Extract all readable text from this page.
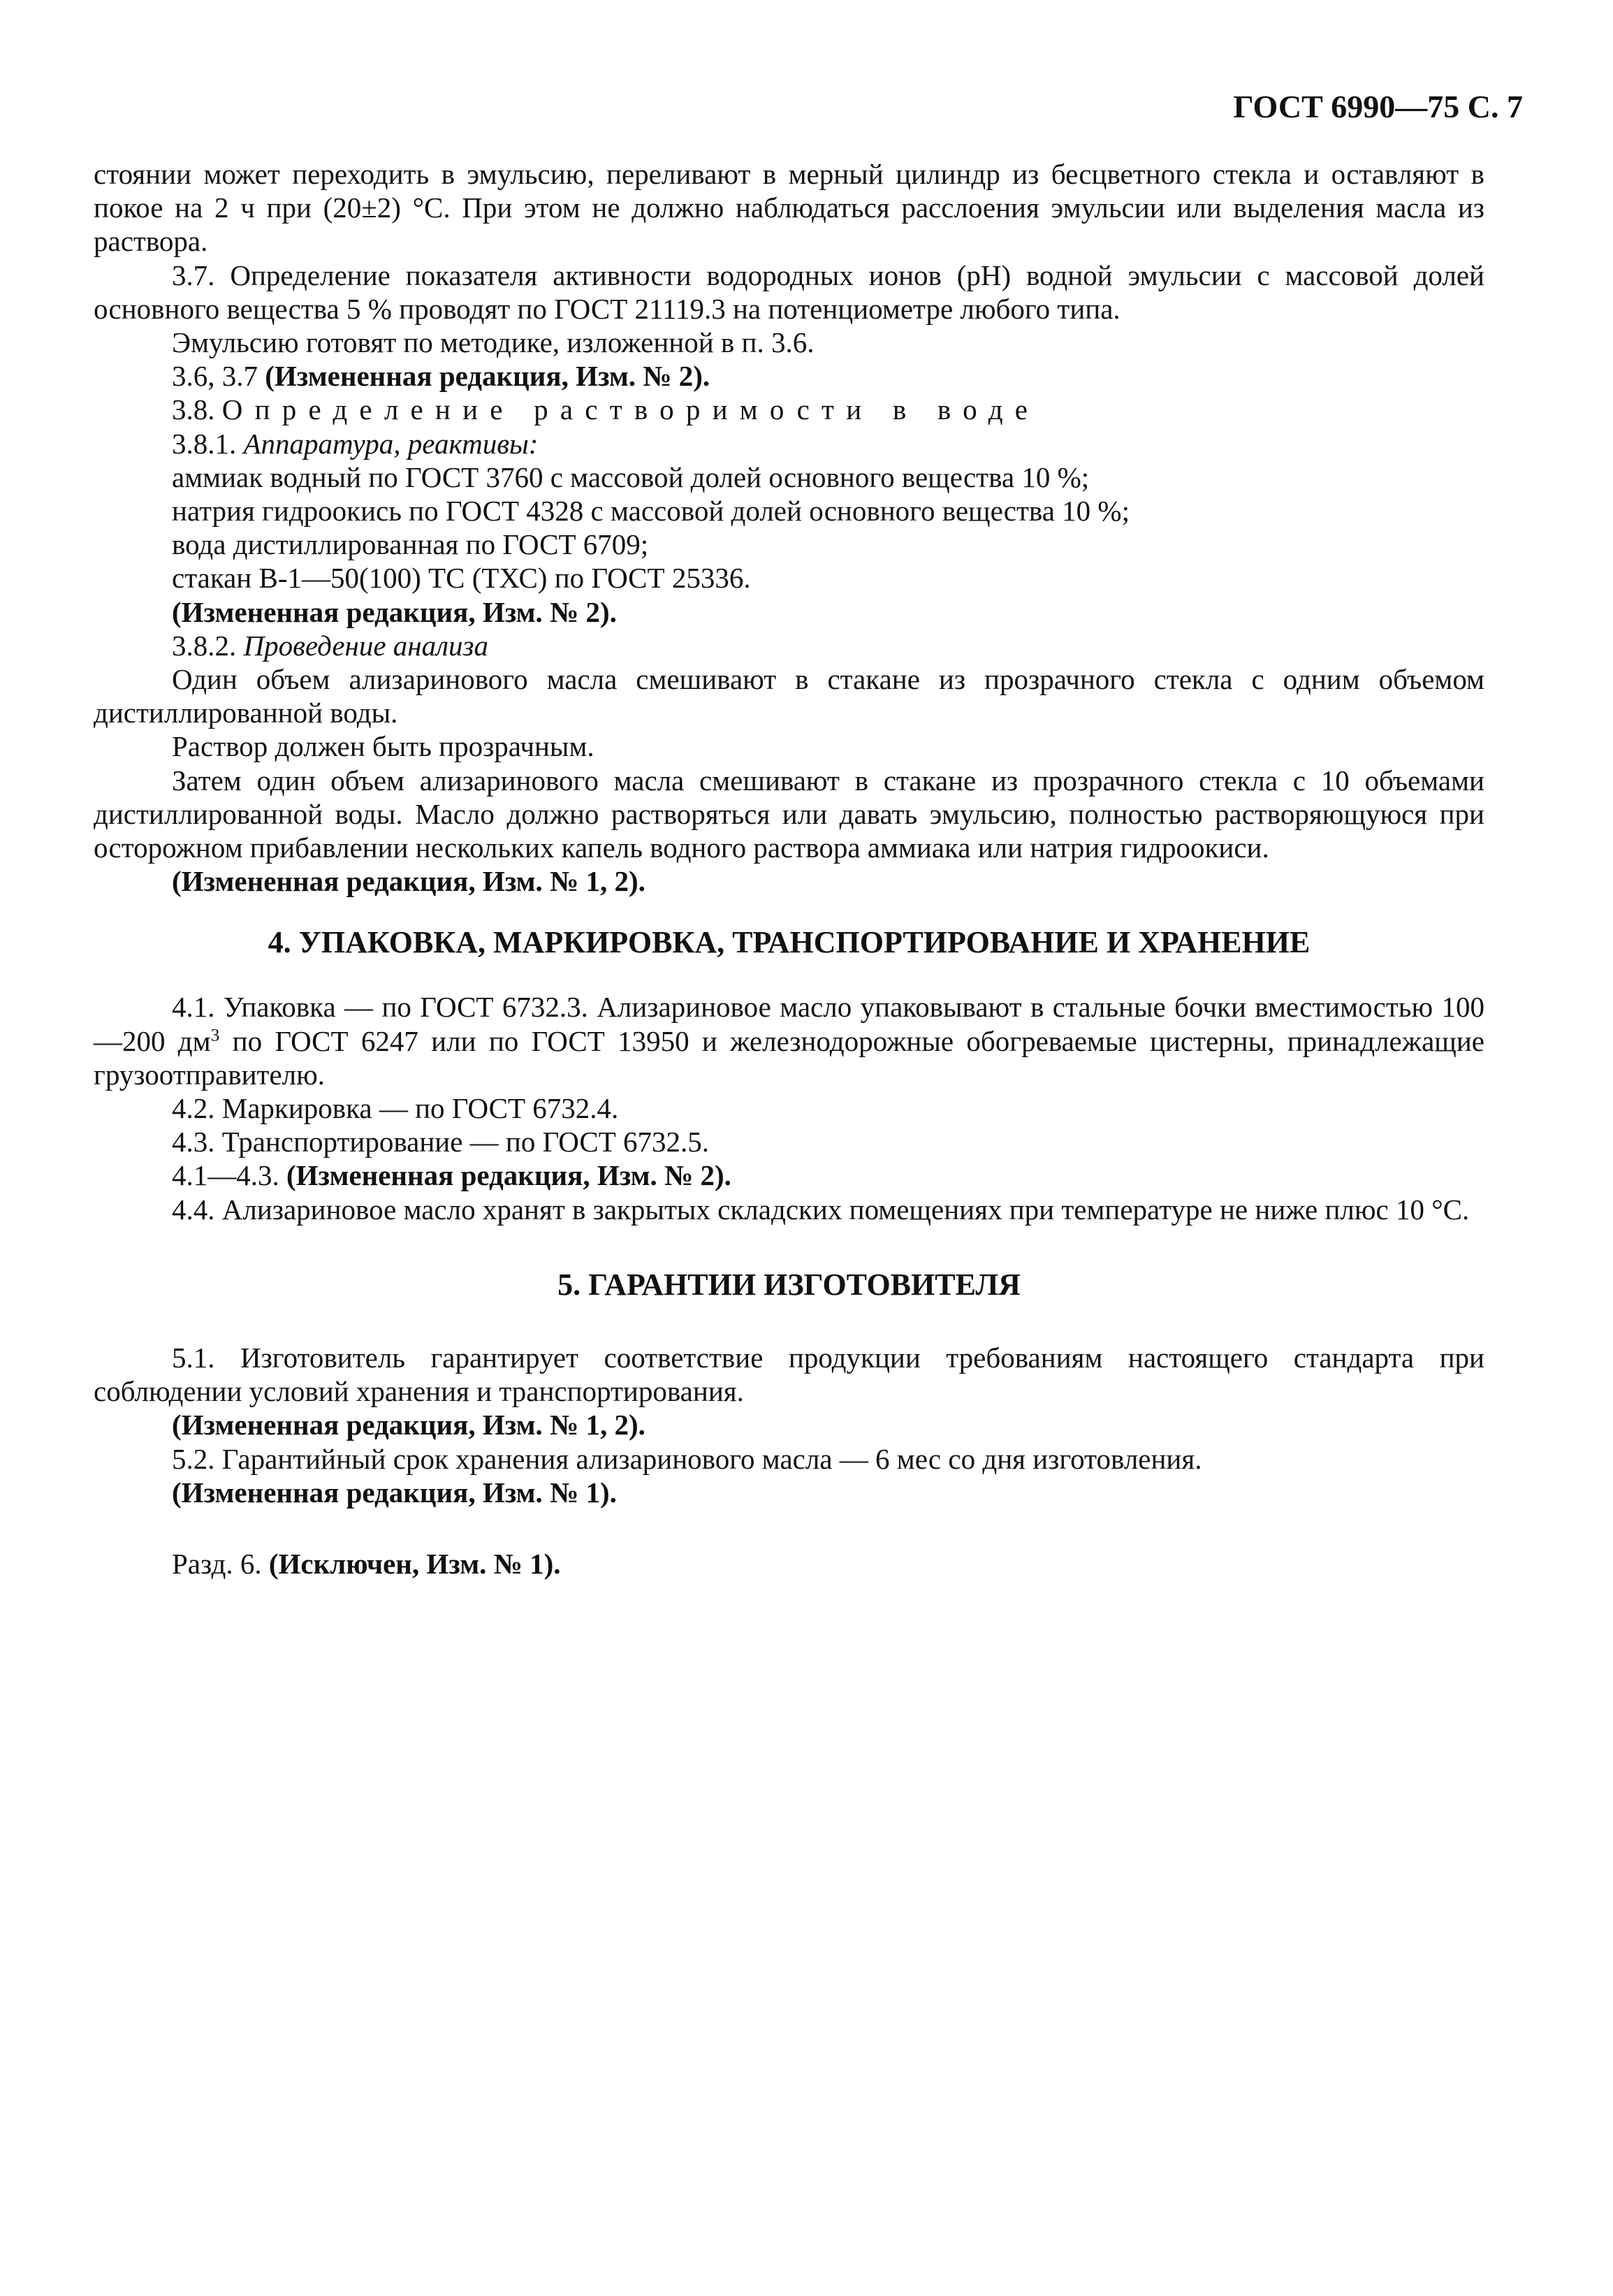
ГОСТ 6990—75 С. 7

стоянии может переходить в эмульсию, переливают в мерный цилиндр из бесцветного стекла и оставляют в покое на 2 ч при (20±2) °С. При этом не должно наблюдаться расслоения эмульсии или выделения масла из раствора.

3.7. Определение показателя активности водородных ионов (pH) водной эмульсии с массовой долей основного вещества 5 % проводят по ГОСТ 21119.3 на потенциометре любого типа.

Эмульсию готовят по методике, изложенной в п. 3.6.

3.6, 3.7 (Измененная редакция, Изм. № 2).

3.8. Определение растворимости в воде

3.8.1. Аппаратура, реактивы:

аммиак водный по ГОСТ 3760 с массовой долей основного вещества 10 %;

натрия гидроокись по ГОСТ 4328 с массовой долей основного вещества 10 %;

вода дистиллированная по ГОСТ 6709;

стакан В-1—50(100) ТС (ТХС) по ГОСТ 25336.

(Измененная редакция, Изм. № 2).

3.8.2. Проведение анализа

Один объем ализаринового масла смешивают в стакане из прозрачного стекла с одним объемом дистиллированной воды.

Раствор должен быть прозрачным.

Затем один объем ализаринового масла смешивают в стакане из прозрачного стекла с 10 объемами дистиллированной воды. Масло должно растворяться или давать эмульсию, полностью растворяющуюся при осторожном прибавлении нескольких капель водного раствора аммиака или натрия гидроокиси.

(Измененная редакция, Изм. № 1, 2).

4. УПАКОВКА, МАРКИРОВКА, ТРАНСПОРТИРОВАНИЕ И ХРАНЕНИЕ

4.1. Упаковка — по ГОСТ 6732.3. Ализариновое масло упаковывают в стальные бочки вместимостью 100—200 $дм^3$ по ГОСТ 6247 или по ГОСТ 13950 и железнодорожные обогреваемые цистерны, принадлежащие грузоотправителю.

4.2. Маркировка — по ГОСТ 6732.4.

4.3. Транспортирование — по ГОСТ 6732.5.

4.1—4.3. (Измененная редакция, Изм. № 2).

4.4. Ализариновое масло хранят в закрытых складских помещениях при температуре не ниже плюс 10 °С.

5. ГАРАНТИИ ИЗГОТОВИТЕЛЯ

5.1. Изготовитель гарантирует соответствие продукции требованиям настоящего стандарта при соблюдении условий хранения и транспортирования.

(Измененная редакция, Изм. № 1, 2).

5.2. Гарантийный срок хранения ализаринового масла — 6 мес со дня изготовления.

(Измененная редакция, Изм. № 1).

Разд. 6. (Исключен, Изм. № 1).
